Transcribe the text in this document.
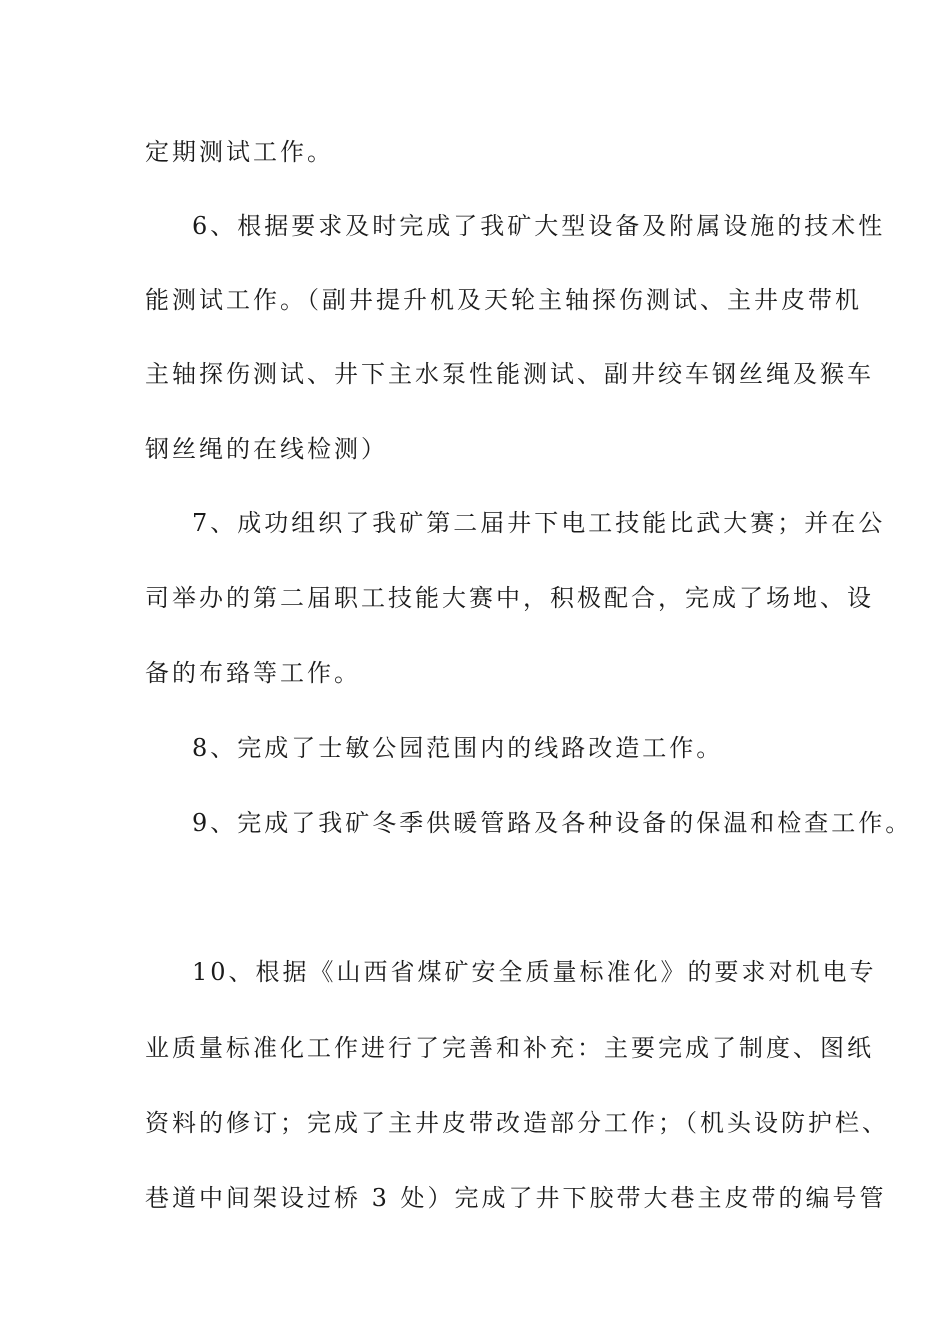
定期测试工作。
6、根据要求及时完成了我矿大型设备及附属设施的技术性
能测试工作。（副井提升机及天轮主轴探伤测试、主井皮带机
主轴探伤测试、井下主水泵性能测试、副井绞车钢丝绳及猴车
钢丝绳的在线检测）
7、成功组织了我矿第二届井下电工技能比武大赛；并在公
司举办的第二届职工技能大赛中，积极配合，完成了场地、设
备的布臵等工作。
8、完成了士敏公园范围内的线路改造工作。
9、完成了我矿冬季供暖管路及各种设备的保温和检查工作。
10、根据《山西省煤矿安全质量标准化》的要求对机电专
业质量标准化工作进行了完善和补充：主要完成了制度、图纸
资料的修订；完成了主井皮带改造部分工作；（机头设防护栏、
巷道中间架设过桥 3 处）完成了井下胶带大巷主皮带的编号管
